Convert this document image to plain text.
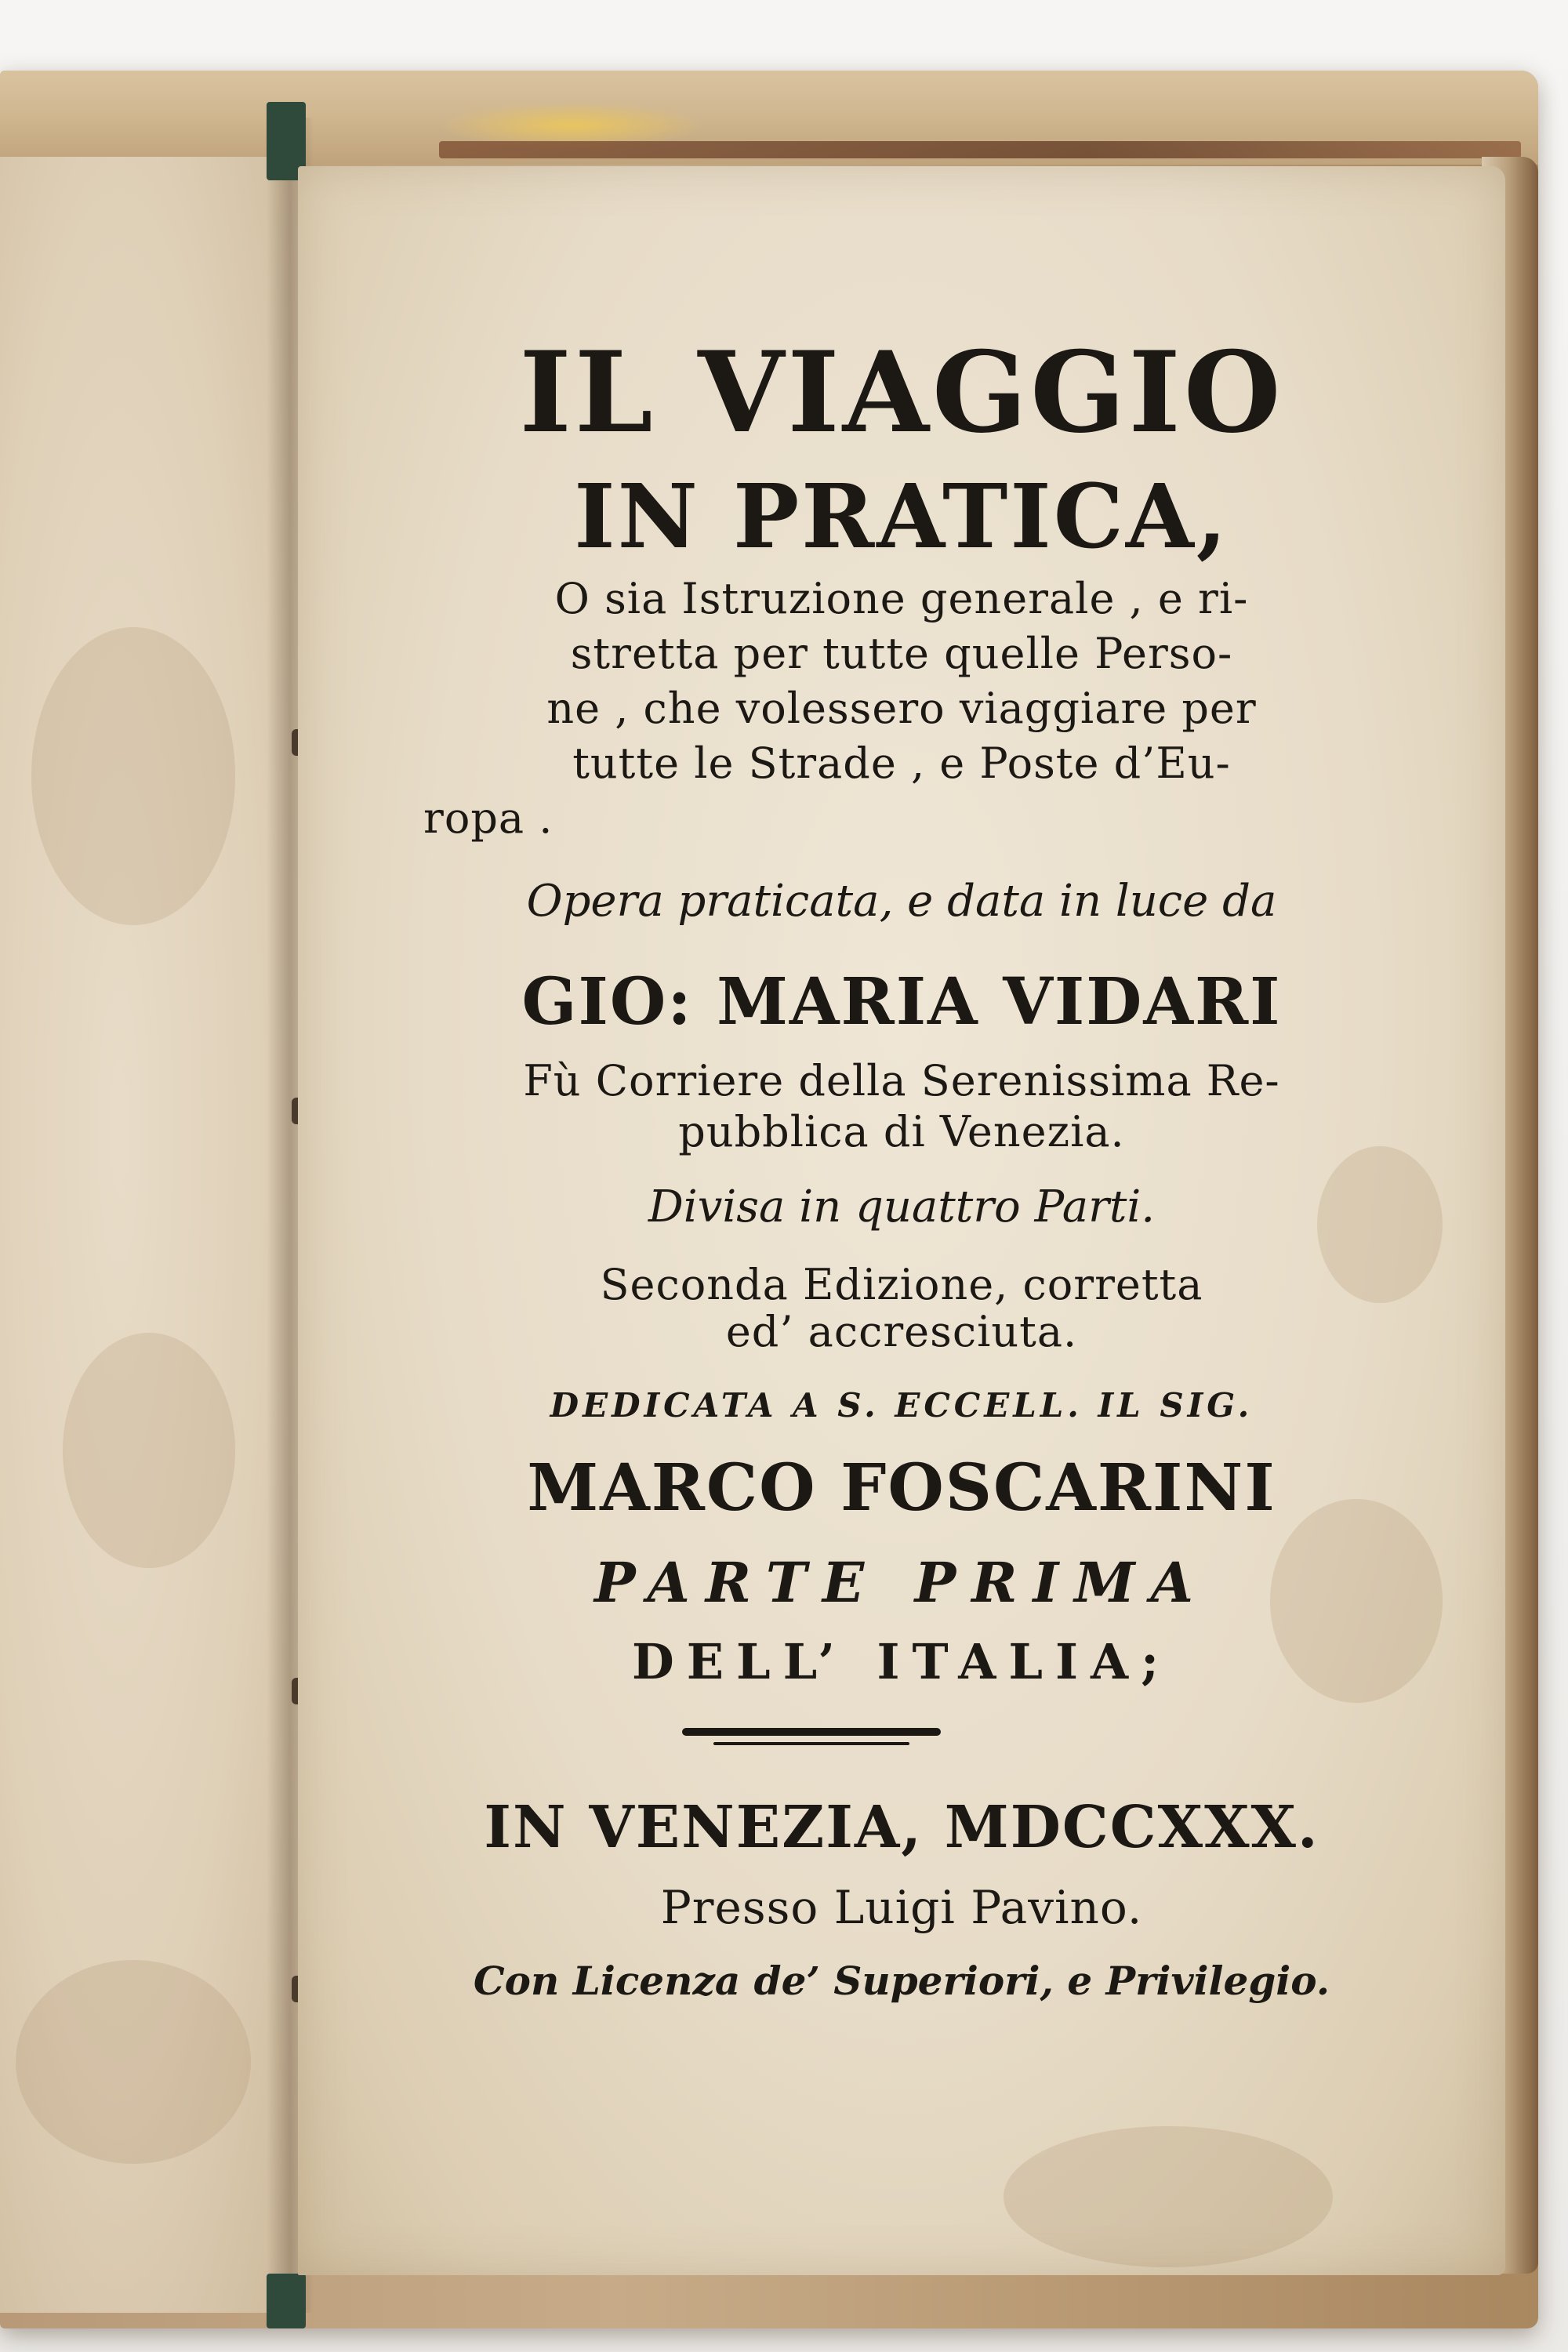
IL VIAGGIO
IN PRATICA,
O sia Istruzione generale , e ri-
stretta per tutte quelle Perso-
ne , che volessero viaggiare per
tutte le Strade , e Poste d’Eu-
ropa .
Opera praticata, e data in luce da
GIO: MARIA VIDARI
Fù Corriere della Serenissima Re-
pubblica di Venezia.
Divisa in quattro Parti.
Seconda Edizione, corretta
ed’ accresciuta.
DEDICATA A S. ECCELL. IL SIG.
MARCO FOSCARINI
PARTE PRIMA
DELL’ ITALIA;
IN VENEZIA, MDCCXXX.
Presso Luigi Pavino.
Con Licenza de’ Superiori, e Privilegio.
